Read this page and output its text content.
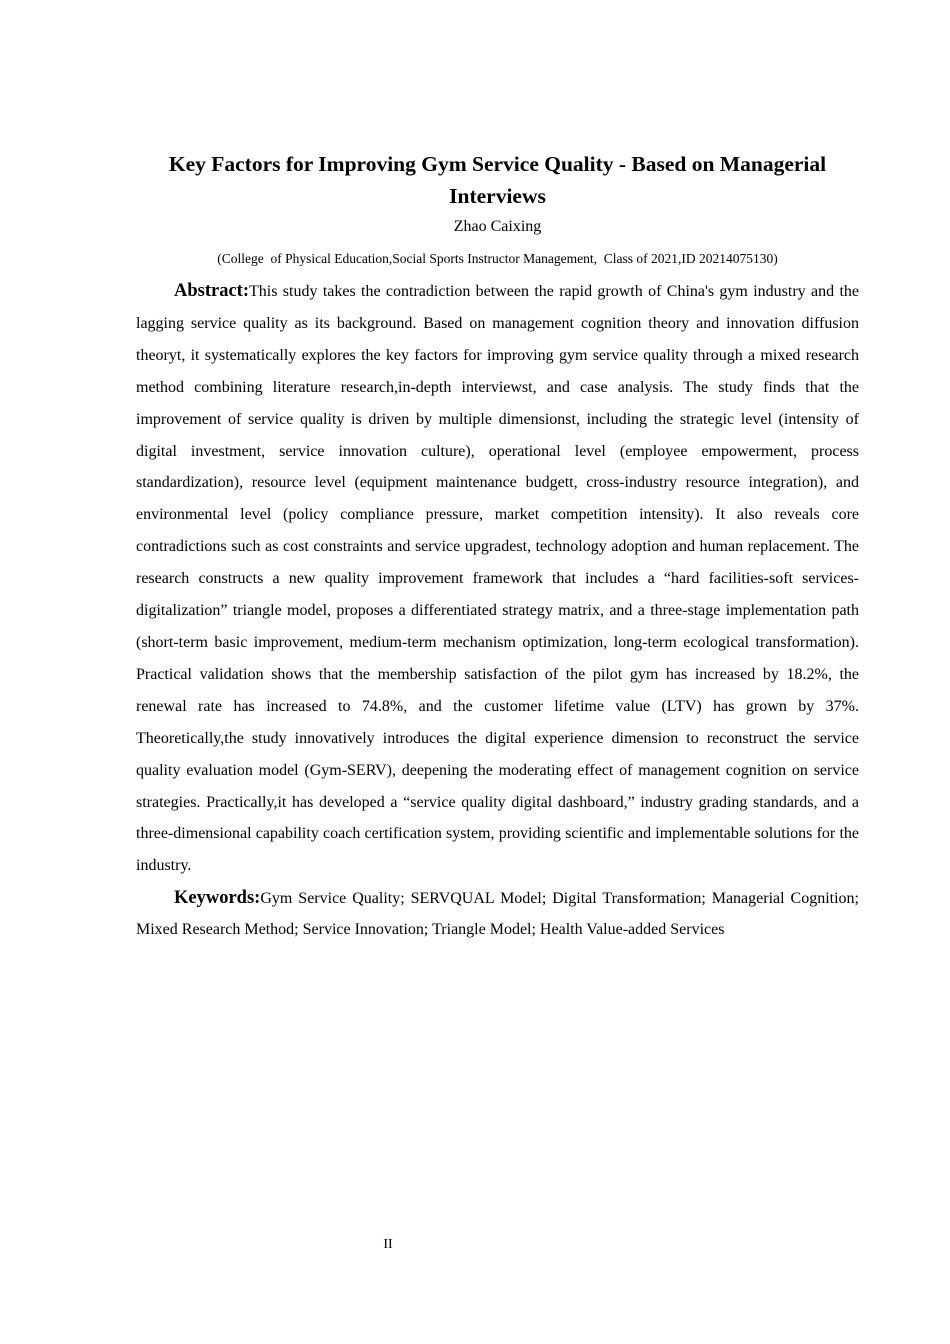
Key Factors for Improving Gym Service Quality - Based on Managerial Interviews
Zhao Caixing
(College  of Physical Education,Social Sports Instructor Management,  Class of 2021,ID 20214075130)

Abstract:This study takes the contradiction between the rapid growth of China's gym industry and the lagging service quality as its background. Based on management cognition theory and innovation diffusion theoryt, it systematically explores the key factors for improving gym service quality through a mixed research method combining literature research,in-depth interviewst, and case analysis. The study finds that the improvement of service quality is driven by multiple dimensionst, including the strategic level (intensity of digital investment, service innovation culture), operational level (employee empowerment, process standardization), resource level (equipment maintenance budgett, cross-industry resource integration), and environmental level (policy compliance pressure, market competition intensity). It also reveals core contradictions such as cost constraints and service upgradest, technology adoption and human replacement. The research constructs a new quality improvement framework that includes a “hard facilities-soft services-digitalization” triangle model, proposes a differentiated strategy matrix, and a three-stage implementation path (short-term basic improvement, medium-term mechanism optimization, long-term ecological transformation). Practical validation shows that the membership satisfaction of the pilot gym has increased by 18.2%, the renewal rate has increased to 74.8%, and the customer lifetime value (LTV) has grown by 37%. Theoretically,the study innovatively introduces the digital experience dimension to reconstruct the service quality evaluation model (Gym-SERV), deepening the moderating effect of management cognition on service strategies. Practically,it has developed a “service quality digital dashboard,” industry grading standards, and a three-dimensional capability coach certification system, providing scientific and implementable solutions for the industry.

Keywords:Gym Service Quality; SERVQUAL Model; Digital Transformation; Managerial Cognition; Mixed Research Method; Service Innovation; Triangle Model; Health Value-added Services

II
